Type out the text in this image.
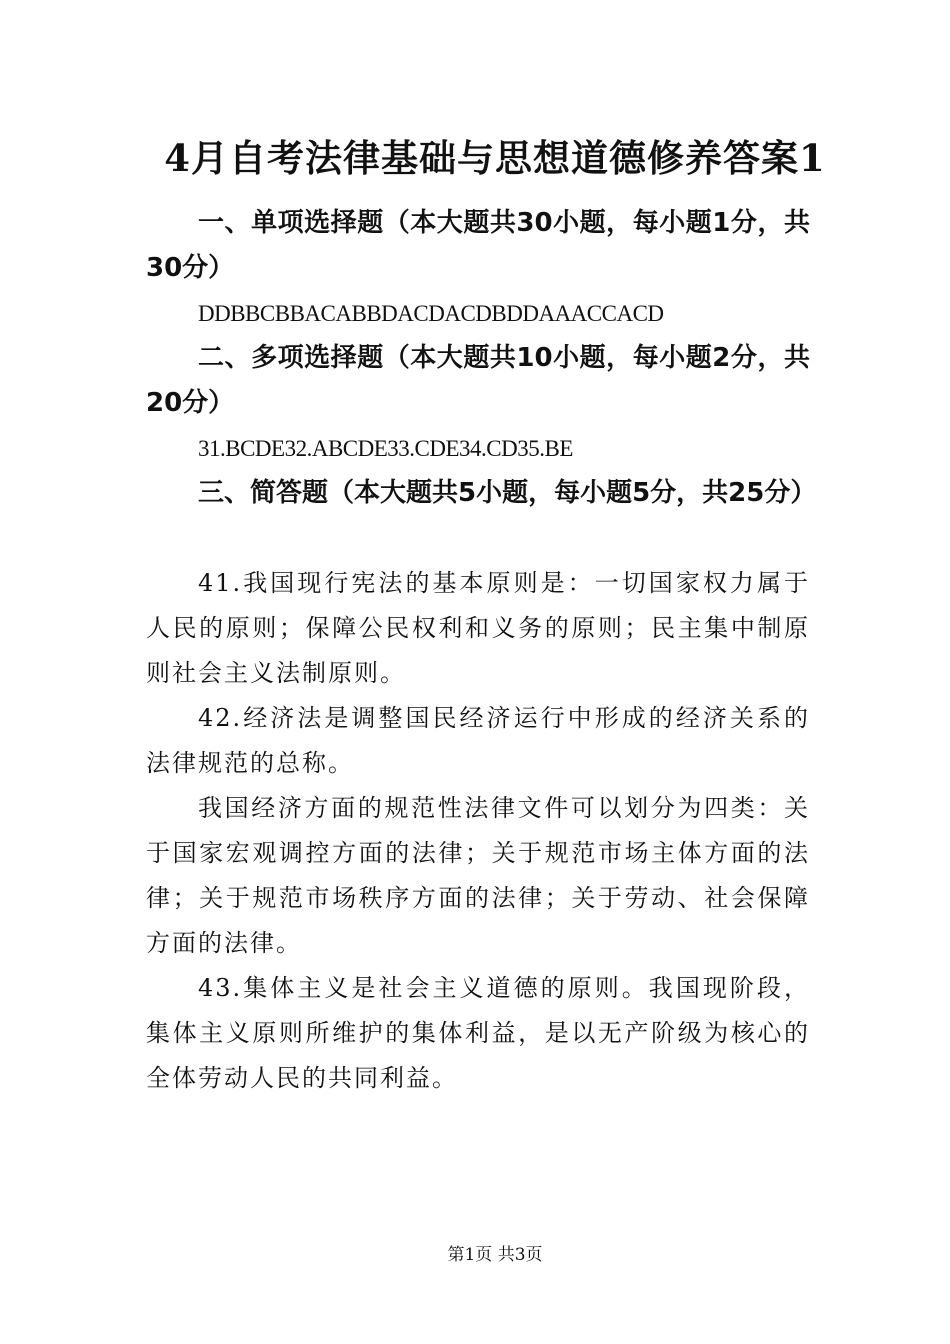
4月自考法律基础与思想道德修养答案1

一、单项选择题（本大题共30小题，每小题1分，共30分）

DDBBCBBACABBDACDACDBDDAAACCACD

二、多项选择题（本大题共10小题，每小题2分，共20分）

31.BCDE32.ABCDE33.CDE34.CD35.BE

三、简答题（本大题共5小题，每小题5分，共25分）

41.我国现行宪法的基本原则是：一切国家权力属于人民的原则；保障公民权利和义务的原则；民主集中制原则社会主义法制原则。

42.经济法是调整国民经济运行中形成的经济关系的法律规范的总称。

我国经济方面的规范性法律文件可以划分为四类：关于国家宏观调控方面的法律；关于规范市场主体方面的法律；关于规范市场秩序方面的法律；关于劳动、社会保障方面的法律。

43.集体主义是社会主义道德的原则。我国现阶段，集体主义原则所维护的集体利益，是以无产阶级为核心的全体劳动人民的共同利益。

第1页 共3页
